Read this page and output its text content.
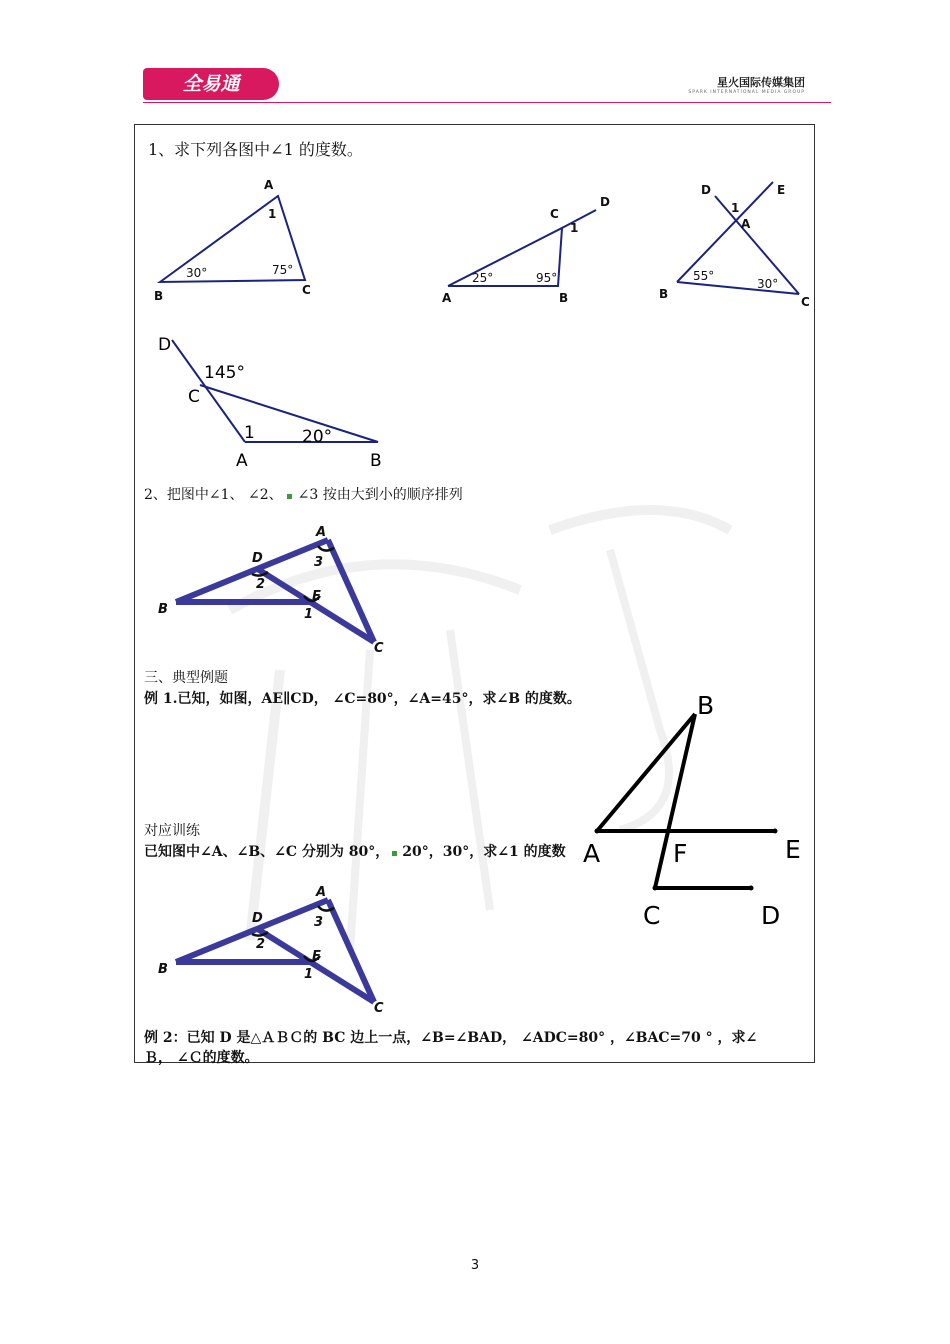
全易通	星火国际传媒集团
SPARK INTERNATIONAL MEDIA GROUP
1、求下列各图中∠1 的度数。
A
1
B	C
30°	75°
A	B
C
D
1
25°	95°
D	E
1
A
B
C
55°
30°
D
145°
C
1	20°
A	B
2、把图中∠1、 ∠2、 ∠3 按由大到小的顺序排列
A
3
D
2
E
1
B
C
三、典型例题
例 1.已知，如图，AE∥CD， ∠C=80°，∠A=45°，求∠B 的度数。	B
A	F	E
C	D
对应训练
已知图中∠A、∠B、∠C 分别为 80°， 20°，30°，求∠1 的度数
A
3
D
2
E
1
B
C
例 2：已知 D 是△ＡＢＣ的 BC 边上一点，∠B=∠BAD， ∠ADC=80° ，∠BAC=70 ° ，求∠
Ｂ， ∠Ｃ的度数。
3
